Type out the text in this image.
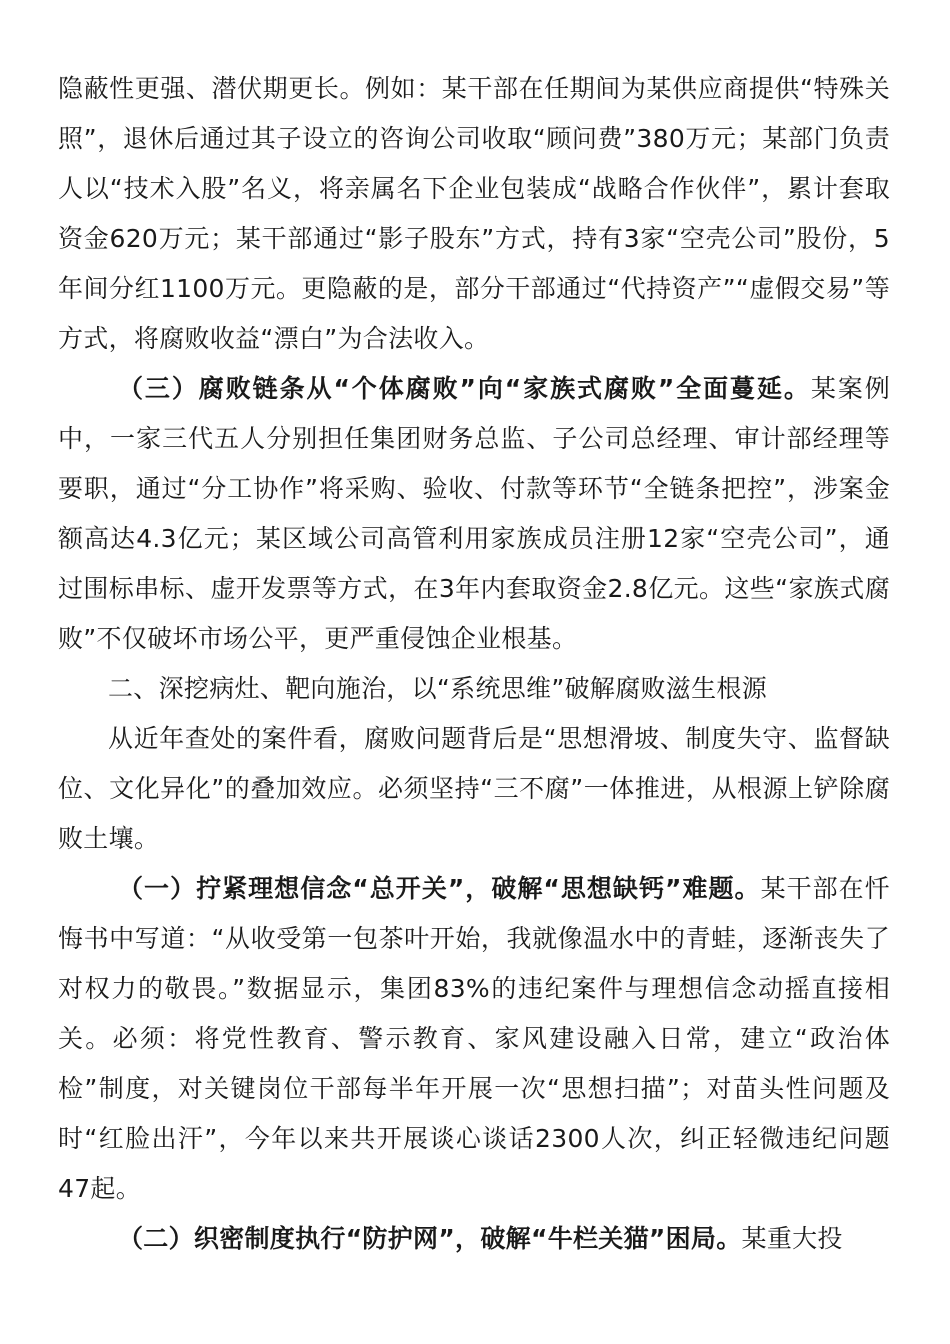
隐蔽性更强、潜伏期更长。例如：某干部在任期间为某供应商提供“特殊关照”，退休后通过其子设立的咨询公司收取“顾问费”380万元；某部门负责人以“技术入股”名义，将亲属名下企业包装成“战略合作伙伴”，累计套取资金620万元；某干部通过“影子股东”方式，持有3家“空壳公司”股份，5年间分红1100万元。更隐蔽的是，部分干部通过“代持资产”“虚假交易”等方式，将腐败收益“漂白”为合法收入。

（三）腐败链条从“个体腐败”向“家族式腐败”全面蔓延。某案例中，一家三代五人分别担任集团财务总监、子公司总经理、审计部经理等要职，通过“分工协作”将采购、验收、付款等环节“全链条把控”，涉案金额高达4.3亿元；某区域公司高管利用家族成员注册12家“空壳公司”，通过围标串标、虚开发票等方式，在3年内套取资金2.8亿元。这些“家族式腐败”不仅破坏市场公平，更严重侵蚀企业根基。

二、深挖病灶、靶向施治，以“系统思维”破解腐败滋生根源

从近年查处的案件看，腐败问题背后是“思想滑坡、制度失守、监督缺位、文化异化”的叠加效应。必须坚持“三不腐”一体推进，从根源上铲除腐败土壤。

（一）拧紧理想信念“总开关”，破解“思想缺钙”难题。某干部在忏悔书中写道：“从收受第一包茶叶开始，我就像温水中的青蛙，逐渐丧失了对权力的敬畏。”数据显示，集团83%的违纪案件与理想信念动摇直接相关。必须：将党性教育、警示教育、家风建设融入日常，建立“政治体检”制度，对关键岗位干部每半年开展一次“思想扫描”；对苗头性问题及时“红脸出汗”，今年以来共开展谈心谈话2300人次，纠正轻微违纪问题47起。

（二）织密制度执行“防护网”，破解“牛栏关猫”困局。某重大投
